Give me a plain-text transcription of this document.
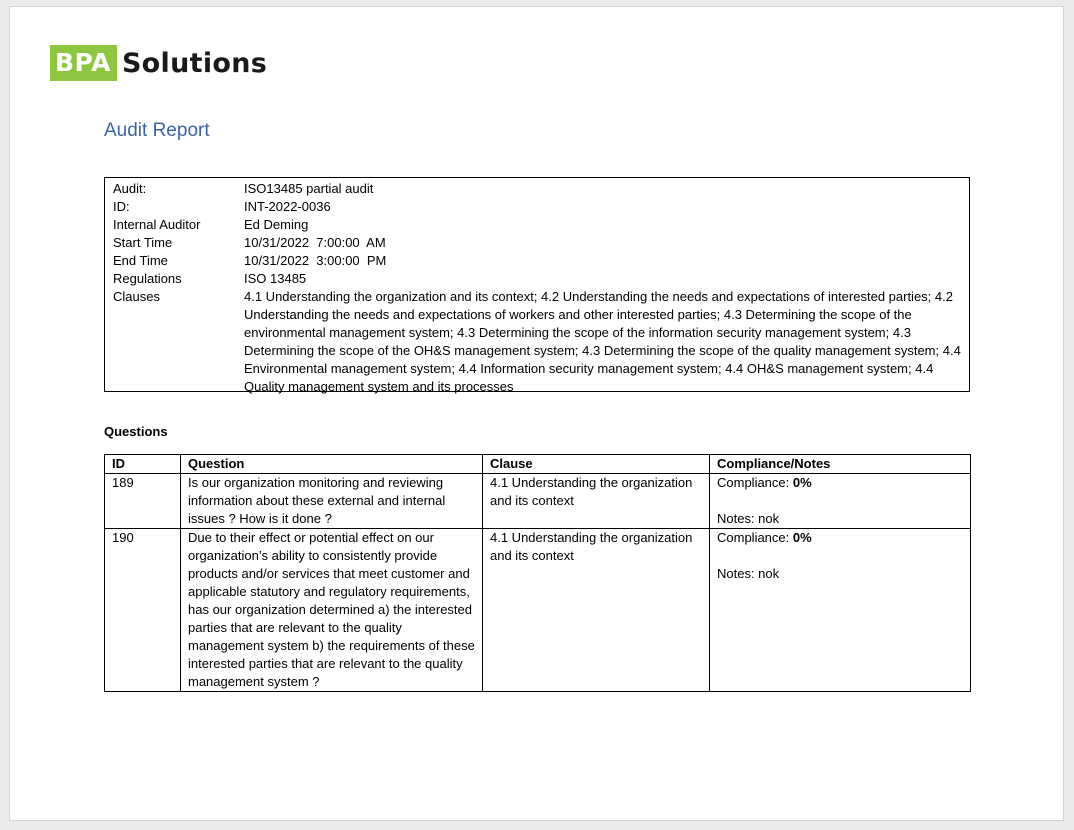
BPA Solutions
Audit Report
Audit:	ISO13485 partial audit
ID:	INT-2022-0036
Internal Auditor	Ed Deming
Start Time	10/31/2022  7:00:00  AM
End Time	10/31/2022  3:00:00  PM
Regulations	ISO 13485
Clauses	4.1 Understanding the organization and its context; 4.2 Understanding the needs and expectations of interested parties; 4.2 Understanding the needs and expectations of workers and other interested parties; 4.3 Determining the scope of the environmental management system; 4.3 Determining the scope of the information security management system; 4.3 Determining the scope of the OH&S management system; 4.3 Determining the scope of the quality management system; 4.4 Environmental management system; 4.4 Information security management system; 4.4 OH&S management system; 4.4 Quality management system and its processes
Questions
ID	Question	Clause	Compliance/Notes
189	Is our organization monitoring and reviewing information about these external and internal issues ? How is it done ?	4.1 Understanding the organization and its context	Compliance: 0%
Notes: nok

190	Due to their effect or potential effect on our organization’s ability to consistently provide products and/or services that meet customer and applicable statutory and regulatory requirements, has our organization determined a) the interested parties that are relevant to the quality management system b) the requirements of these interested parties that are relevant to the quality management system ?	4.1 Understanding the organization and its context	Compliance: 0%
Notes: nok
